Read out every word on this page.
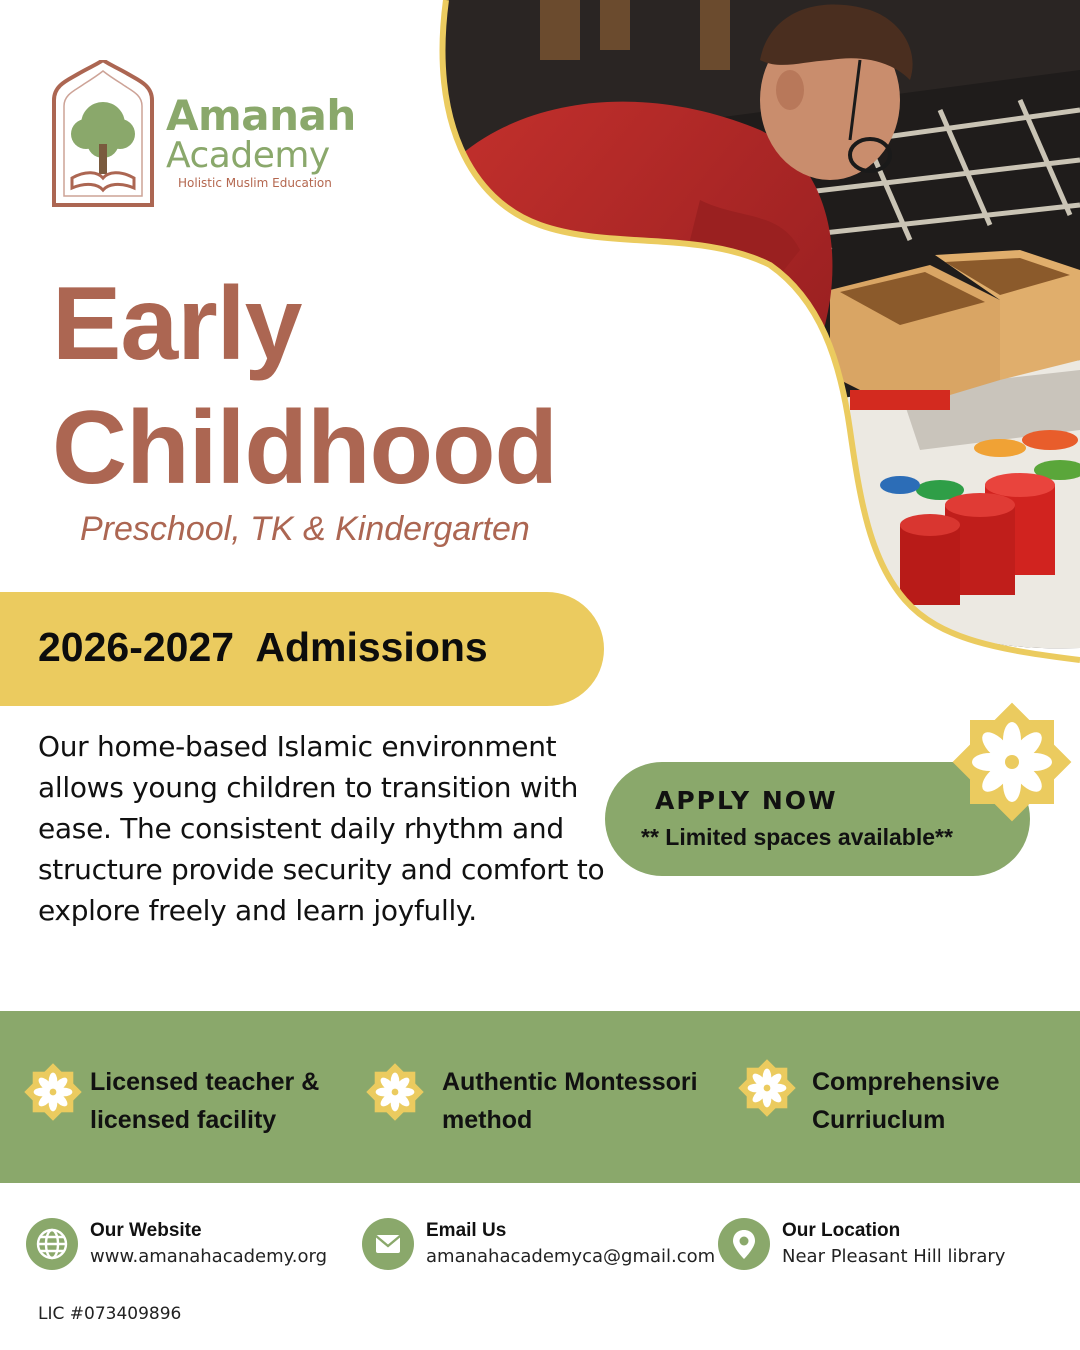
Amanah
Academy
Holistic Muslim Education
Early
Childhood
Preschool, TK & Kindergarten
2026-2027  Admissions
Our home-based Islamic environment allows young children to transition with ease. The consistent daily rhythm and structure provide security and comfort to explore freely and learn joyfully.
APPLY NOW
** Limited spaces available**
Licensed teacher &
licensed facility
Authentic Montessori
method
Comprehensive
Curriuclum
Our Website
www.amanahacademy.org
Email Us
amanahacademyca@gmail.com
Our Location
Near Pleasant Hill library
LIC #073409896
